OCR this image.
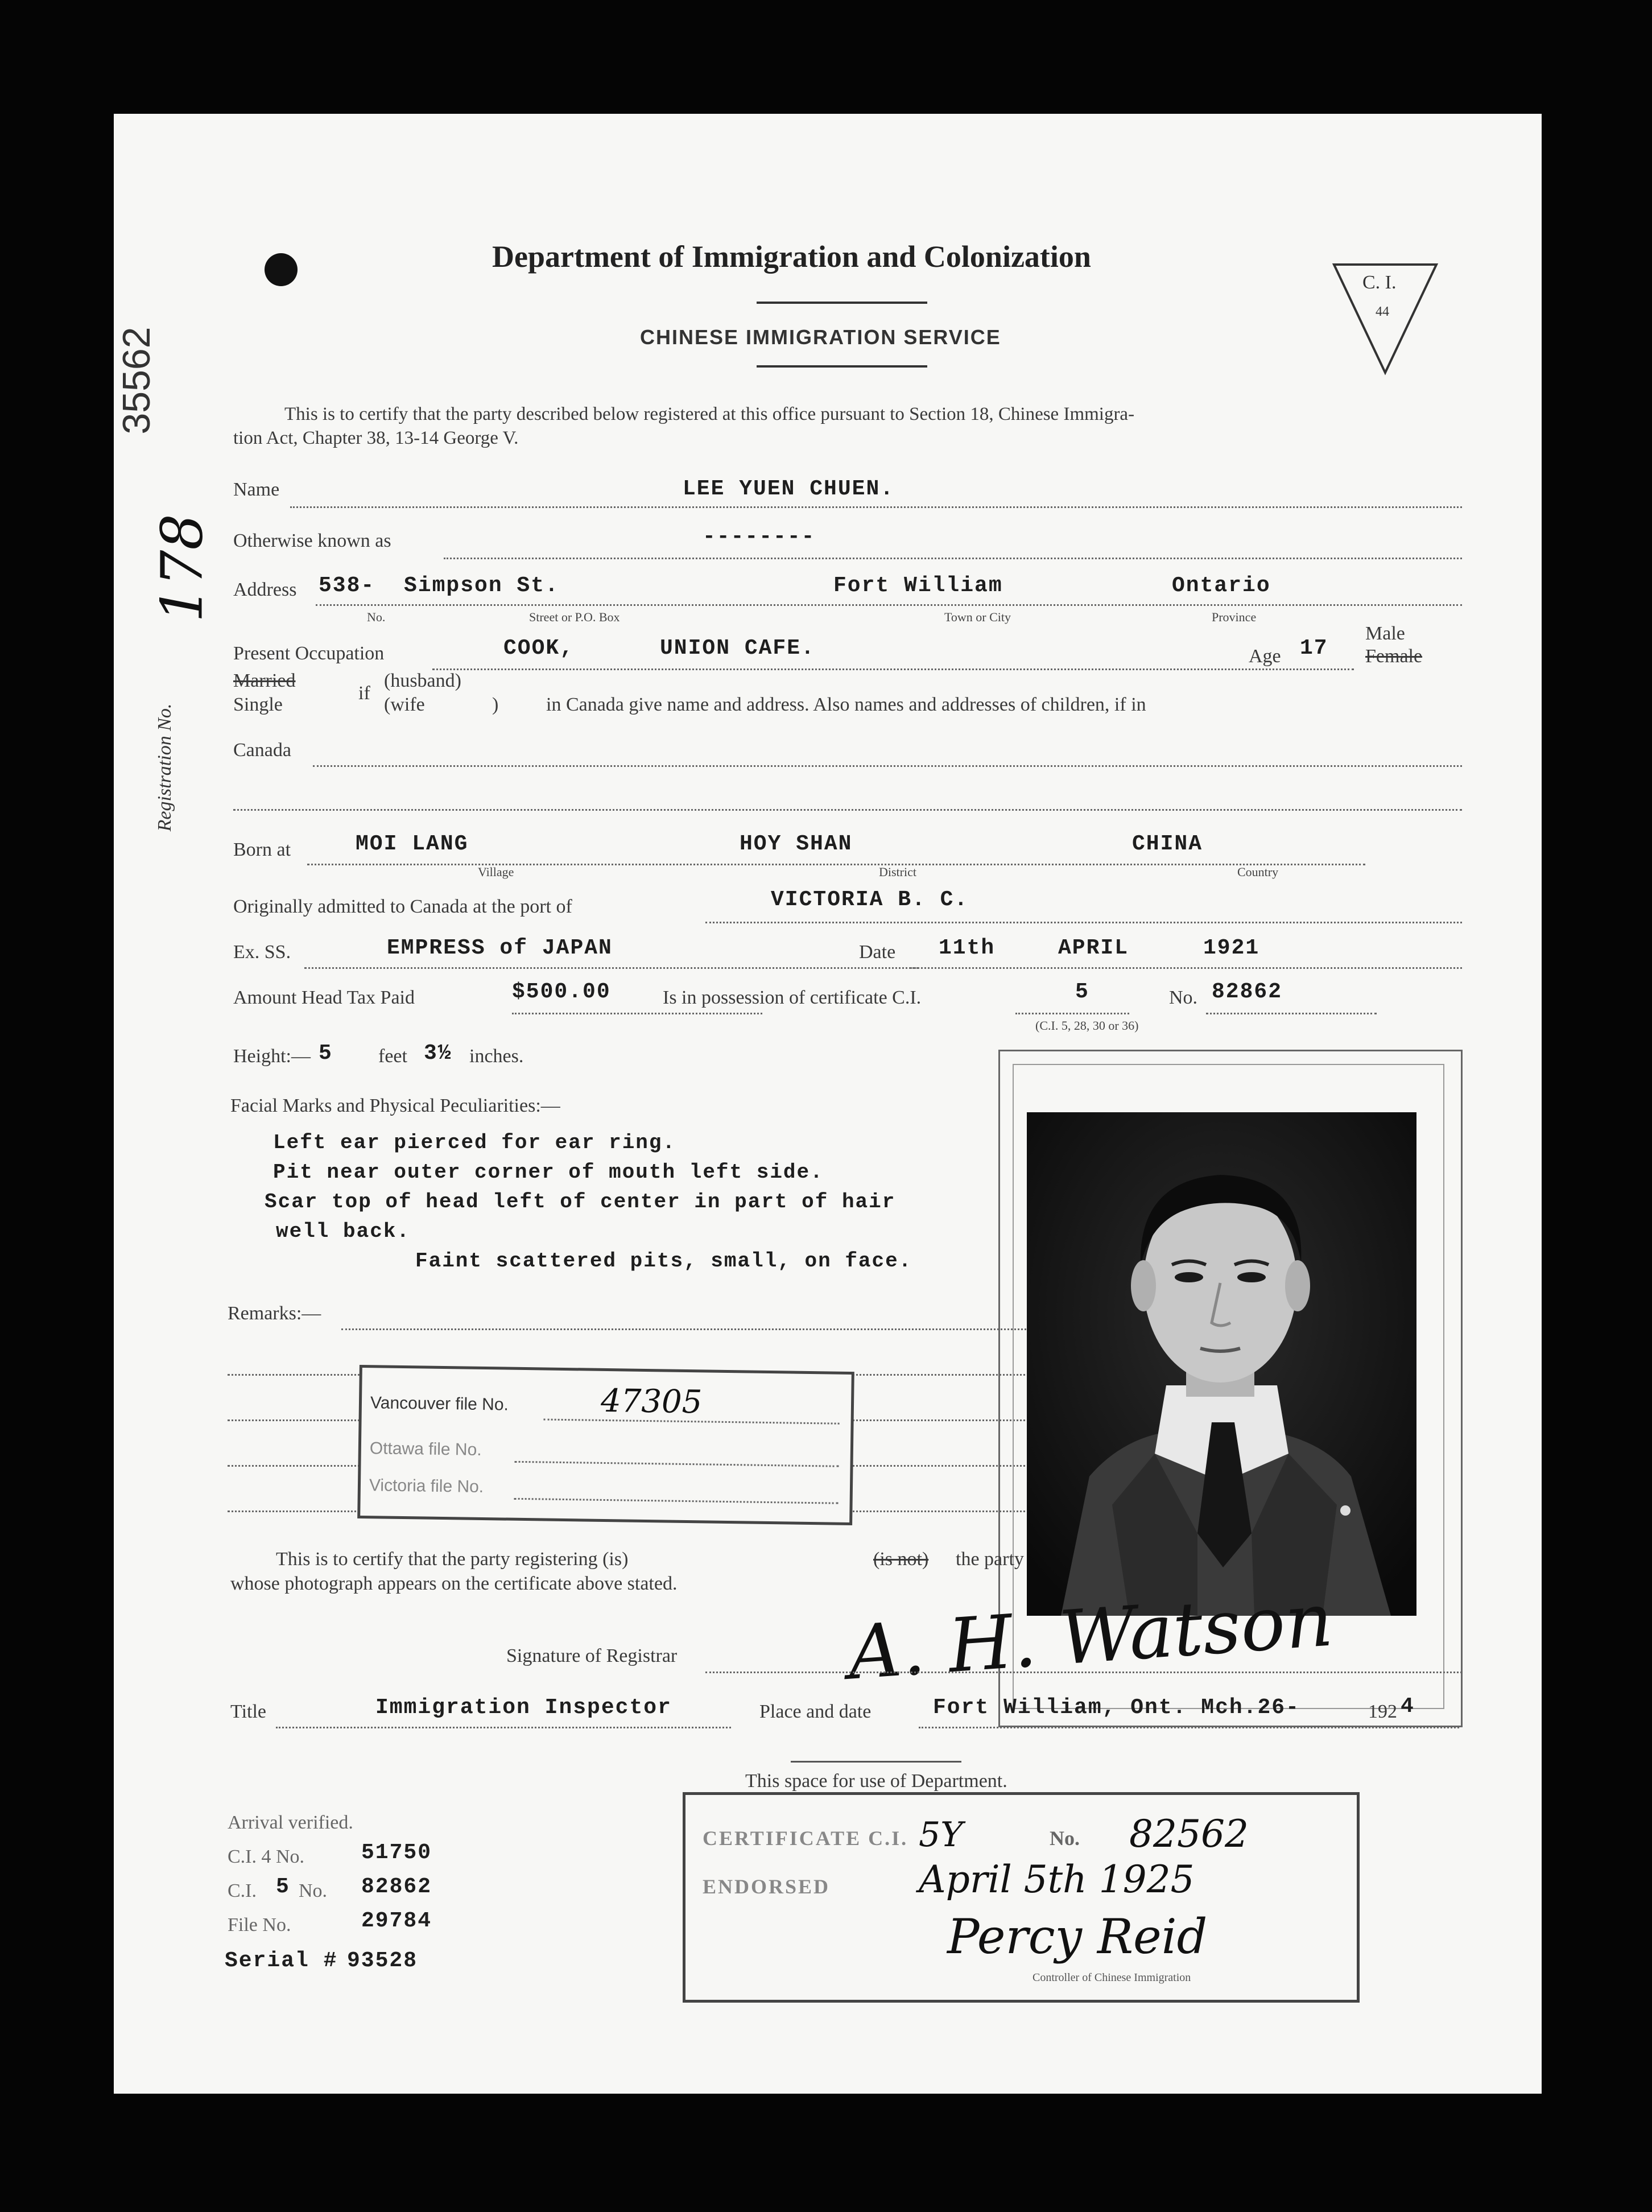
Department of Immigration and Colonization
CHINESE IMMIGRATION SERVICE
C. I.
44
35562
178
Registration No.
This is to certify that the party described below registered at this office pursuant to Section 18, Chinese Immigra-
tion Act, Chapter 38, 13-14 George V.
Name	LEE YUEN CHUEN.
Otherwise known as	--------
Address 538- Simpson St.	Fort William	Ontario
No.	Street or P.O. Box	Town or City	Province
Present Occupation	COOK,	UNION CAFE.	Age 17
Male
Female
Married
Single
if
(husband)
(wife	) in Canada give name and address. Also names and addresses of children, if in
Canada
Born at	MOI LANG	HOY SHAN	CHINA
Village	District	Country
Originally admitted to Canada at the port of	VICTORIA B. C.
Ex. SS.	EMPRESS of JAPAN	Date 11th	APRIL	1921
Amount Head Tax Paid	$500.00	Is in possession of certificate C.I.	5	No. 82862
(C.I. 5, 28, 30 or 36)
Height:— 5 feet 3½ inches.
Facial Marks and Physical Peculiarities:—
Left ear pierced for ear ring.
Pit near outer corner of mouth left side.
Scar top of head left of center in part of hair
well back.
Faint scattered pits, small, on face.
Remarks:—
Vancouver file No.	47305
Ottawa file No.
Victoria file No.
This is to certify that the party registering (is)	(is not) the party
whose photograph appears on the certificate above stated. A. H. Watson
Signature of Registrar
Title	Immigration Inspector	Place and date	Fort William, Ont. Mch.26-	192 4
This space for use of Department.
Arrival verified.
C.I. 4 No.	51750
C.I. 5 No. 82862
File No.	29784
Serial # 93528
CERTIFICATE C.I. 5Y	No. 82562
ENDORSED April 5th 1925
Percy Reid
Controller of Chinese Immigration
